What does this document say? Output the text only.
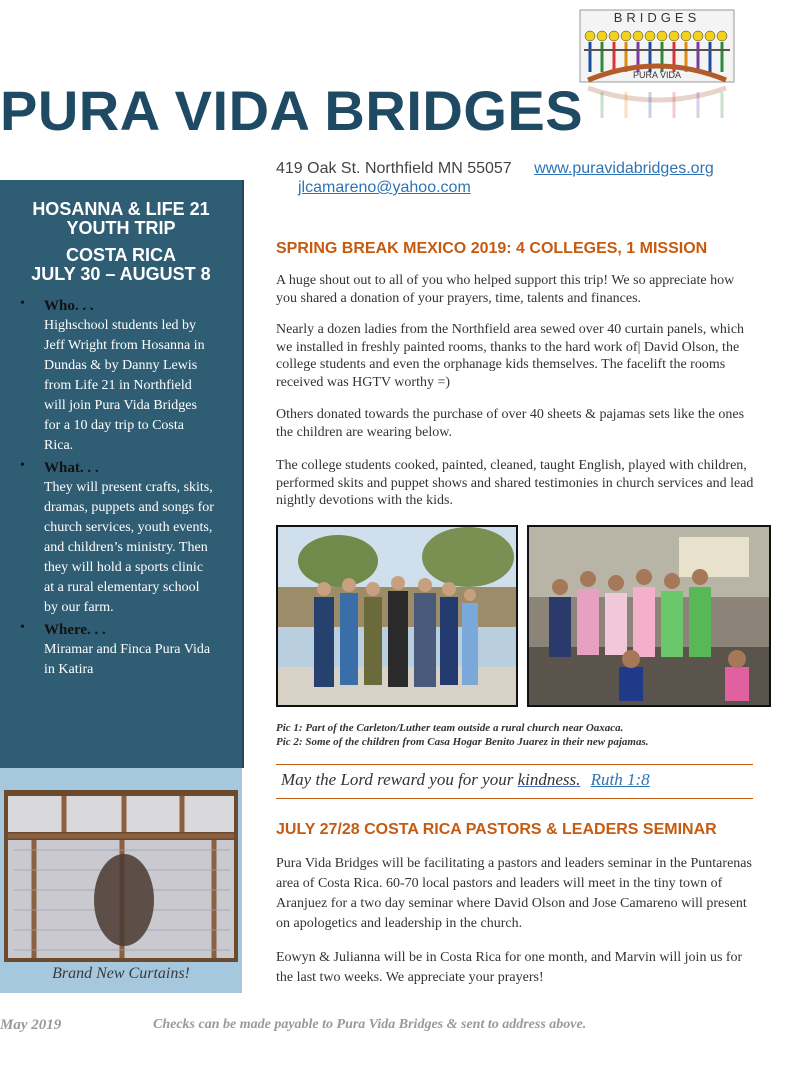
BRIDGES
PURA VIDA
PURA VIDA BRIDGES
419 Oak St. Northfield MN 55057 www.puravidabridges.org
jlcamareno@yahoo.com
HOSANNA & LIFE 21
YOUTH TRIP
COSTA RICA
JULY 30 – AUGUST 8
• Who. . .
Highschool students led by Jeff Wright from Hosanna in Dundas & by Danny Lewis from Life 21 in Northfield will join Pura Vida Bridges for a 10 day trip to Costa Rica.
• What. . .
They will present crafts, skits, dramas, puppets and songs for church services, youth events, and children’s ministry. Then they will hold a sports clinic at a rural elementary school by our farm.
• Where. . .
Miramar and Finca Pura Vida in Katira
Brand New Curtains!
SPRING BREAK MEXICO 2019: 4 COLLEGES, 1 MISSION

A huge shout out to all of you who helped support this trip! We so appreciate how you shared a donation of your prayers, time, talents and finances.

Nearly a dozen ladies from the Northfield area sewed over 40 curtain panels, which we installed in freshly painted rooms, thanks to the hard work of| David Olson, the college students and even the orphanage kids themselves. The facelift the rooms received was HGTV worthy =)

Others donated towards the purchase of over 40 sheets & pajamas sets like the ones the children are wearing below.

The college students cooked, painted, cleaned, taught English, played with children, performed skits and puppet shows and shared testimonies in church services and lead nightly devotions with the kids.

Pic 1: Part of the Carleton/Luther team outside a rural church near Oaxaca.
Pic 2: Some of the children from Casa Hogar Benito Juarez in their new pajamas.
May the Lord reward you for your kindness. Ruth 1:8
JULY 27/28 COSTA RICA PASTORS & LEADERS SEMINAR

Pura Vida Bridges will be facilitating a pastors and leaders seminar in the Puntarenas area of Costa Rica. 60-70 local pastors and leaders will meet in the tiny town of Aranjuez for a two day seminar where David Olson and Jose Camareno will present on apologetics and leadership in the church.

Eowyn & Julianna will be in Costa Rica for one month, and Marvin will join us for the last two weeks. We appreciate your prayers!

May 2019	Checks can be made payable to Pura Vida Bridges & sent to address above.
